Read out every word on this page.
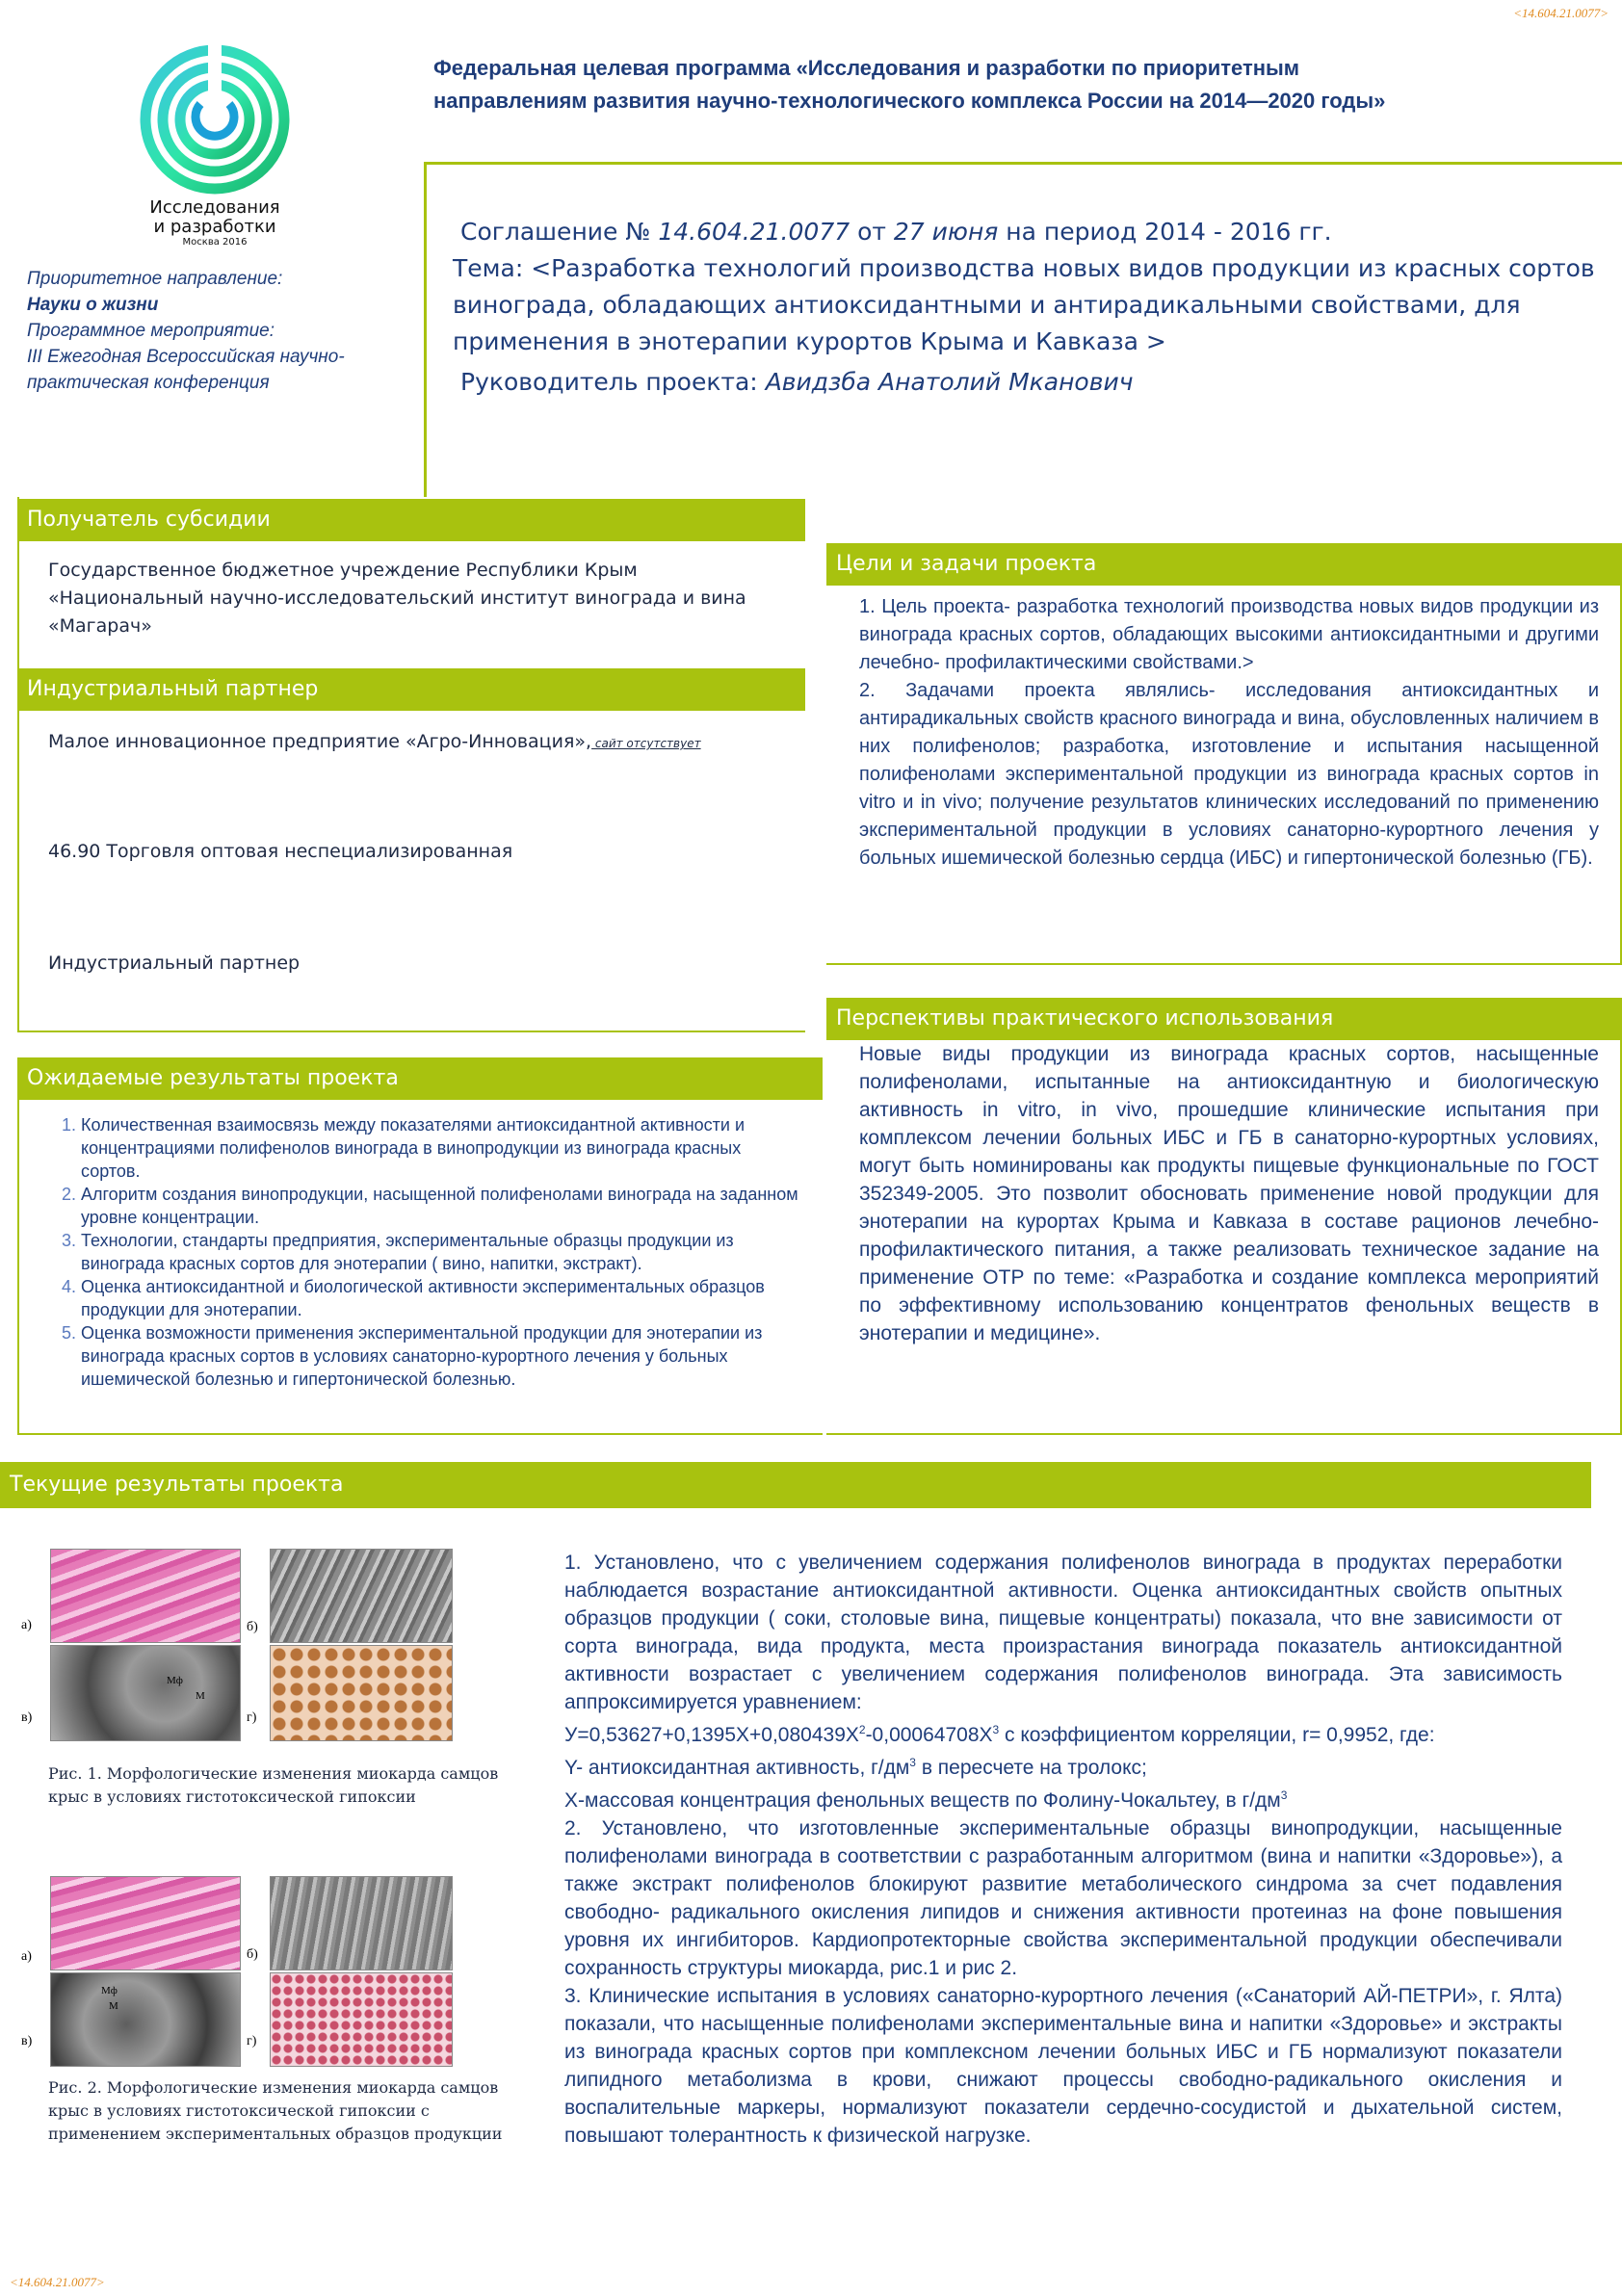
<14.604.21.0077>
<14.604.21.0077>
Исследования
и разработки
Москва 2016
Федеральная целевая программа «Исследования и разработки по приоритетным
направлениям развития научно-технологического комплекса России на 2014—2020 годы»
Приоритетное направление:
Науки о жизни
Программное мероприятие:
III Ежегодная Всероссийская научно-практическая конференция
Соглашение № 14.604.21.0077 от 27 июня на период 2014 - 2016 гг.
Тема: <Разработка технологий производства новых видов продукции из красных сортов винограда, обладающих антиоксидантными и антирадикальными свойствами, для применения в энотерапии курортов Крыма и Кавказа >
Руководитель проекта: Авидзба Анатолий Мканович
Получатель субсидии
Государственное бюджетное учреждение Республики Крым
«Национальный научно-исследовательский институт винограда и вина «Магарач»
Индустриальный партнер
Малое инновационное предприятие «Агро-Инновация», сайт отсутствует
46.90 Торговля оптовая неспециализированная
Индустриальный партнер
Ожидаемые результаты проекта
1. Количественная взаимосвязь между показателями антиоксидантной активности и концентрациями полифенолов винограда в винопродукции из винограда красных сортов.
2. Алгоритм создания винопродукции, насыщенной полифенолами винограда на заданном уровне концентрации.
3. Технологии, стандарты предприятия, экспериментальные образцы продукции из винограда красных сортов для энотерапии ( вино, напитки, экстракт).
4. Оценка антиоксидантной и биологической активности экспериментальных образцов продукции для энотерапии.
5. Оценка возможности применения экспериментальной продукции для энотерапии из винограда красных сортов в условиях санаторно-курортного лечения у больных ишемической болезнью и гипертонической болезнью.
Цели и задачи проекта

1. Цель проекта- разработка технологий производства новых видов продукции из винограда красных сортов, обладающих высокими антиоксидантными и другими лечебно- профилактическими свойствами.>

2. Задачами проекта являлись- исследования антиоксидантных и антирадикальных свойств красного винограда и вина, обусловленных наличием в них полифенолов; разработка, изготовление и испытания насыщенной полифенолами экспериментальной продукции из винограда красных сортов in vitro и in vivo; получение результатов клинических исследований по применению экспериментальной продукции в условиях санаторно-курортного лечения у больных ишемической болезнью сердца (ИБС) и гипертонической болезнью (ГБ).

Перспективы практического использования

Новые виды продукции из винограда красных сортов, насыщенные полифенолами, испытанные на антиоксидантную и биологическую активность in vitro, in vivo, прошедшие клинические испытания при комплексом лечении больных ИБС и ГБ в санаторно-курортных условиях, могут быть номинированы как продукты пищевые функциональные по ГОСТ 352349-2005. Это позволит обосновать применение новой продукции для энотерапии на курортах Крыма и Кавказа в составе рационов лечебно-профилактического питания, а также реализовать техническое задание на применение ОТР по теме: «Разработка и создание комплекса мероприятий по эффективному использованию концентратов фенольных веществ в энотерапии и медицине».

Текущие результаты проекта
а)
в)
Мф
М
б)
г)
Рис. 1. Морфологические изменения миокарда самцов крыс в условиях гистотоксической гипоксии
а)
в)
Мф
М
б)
г)
Рис. 2. Морфологические изменения миокарда самцов крыс в условиях гистотоксической гипоксии с применением экспериментальных образцов продукции

1. Установлено, что с увеличением содержания полифенолов винограда в продуктах переработки наблюдается возрастание антиоксидантной активности. Оценка антиоксидантных свойств опытных образцов продукции ( соки, столовые вина, пищевые концентраты) показала, что вне зависимости от сорта винограда, вида продукта, места произрастания винограда показатель антиоксидантной активности возрастает с увеличением содержания полифенолов винограда. Эта зависимость аппроксимируется уравнением:

$У=0,53627+0,1395Х+0,080439Х^2-0,00064708Х^3$ с коэффициентом корреляции, r= 0,9952, где:

Y- антиоксидантная активность, $г/дм^3$ в пересчете на тролокс;

Х-массовая концентрация фенольных веществ по Фолину-Чокальтеу, в $г/дм^3$

2. Установлено, что изготовленные экспериментальные образцы винопродукции, насыщенные полифенолами винограда в соответствии с разработанным алгоритмом (вина и напитки «Здоровье»), а также экстракт полифенолов блокируют развитие метаболического синдрома за счет подавления свободно- радикального окисления липидов и снижения активности протеиназ на фоне повышения уровня их ингибиторов. Кардиопротекторные свойства экспериментальной продукции обеспечивали сохранность структуры миокарда, рис.1 и рис 2.

3. Клинические испытания в условиях санаторно-курортного лечения («Санаторий АЙ-ПЕТРИ», г. Ялта) показали, что насыщенные полифенолами экспериментальные вина и напитки «Здоровье» и экстракты из винограда красных сортов при комплексном лечении больных ИБС и ГБ нормализуют показатели липидного метаболизма в крови, снижают процессы свободно-радикального окисления и воспалительные маркеры, нормализуют показатели сердечно-сосудистой и дыхательной систем, повышают толерантность к физической нагрузке.
